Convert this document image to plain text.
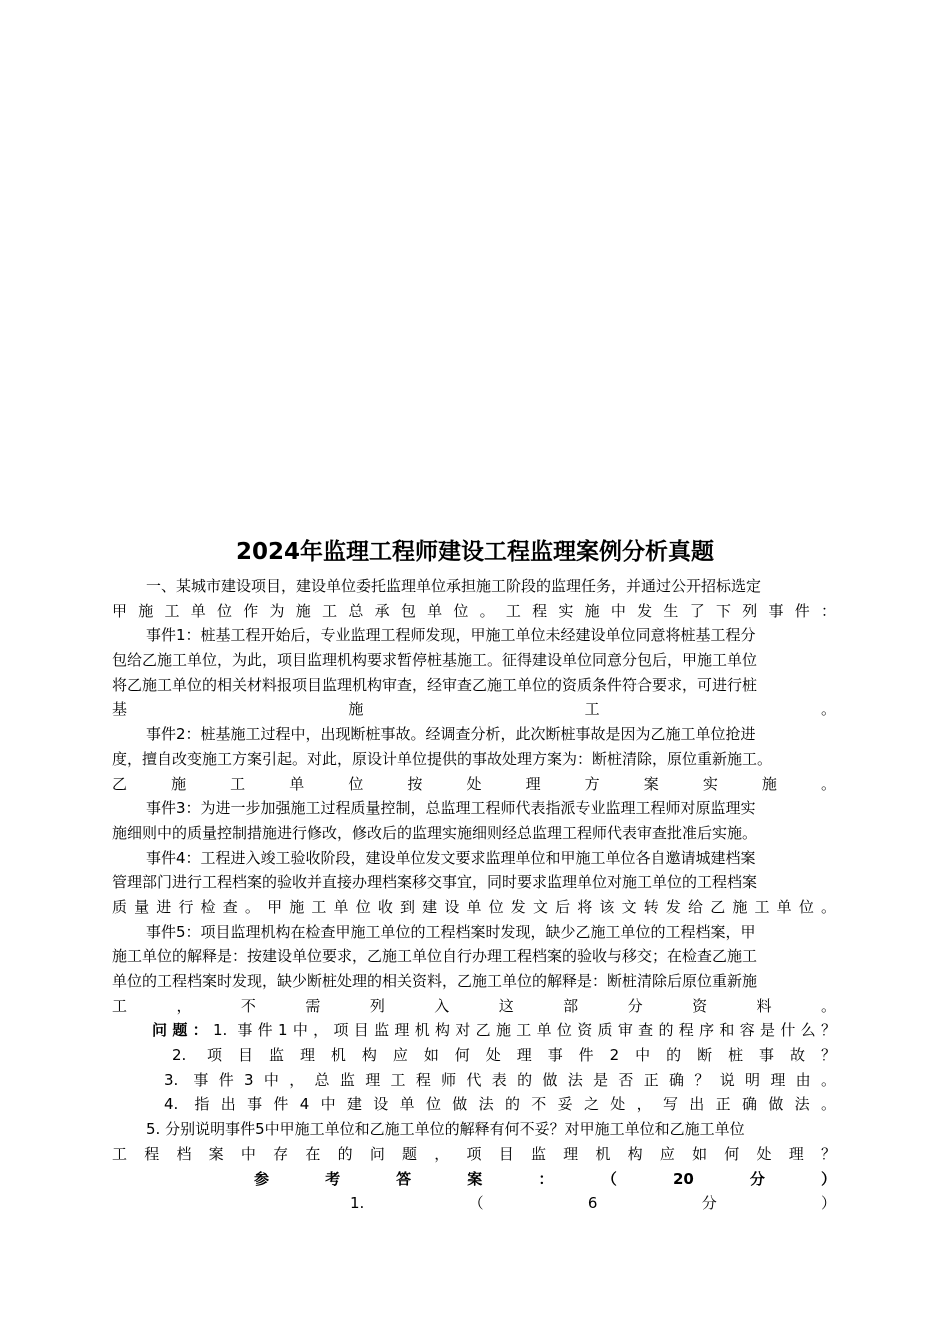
2024年监理工程师建设工程监理案例分析真题
一、某城市建设项目，建设单位委托监理单位承担施工阶段的监理任务，并通过公开招标选定
甲施工单位作为施工总承包单位。工程实施中发生了下列事件：
事件1：桩基工程开始后，专业监理工程师发现，甲施工单位未经建设单位同意将桩基工程分
包给乙施工单位，为此，项目监理机构要求暂停桩基施工。征得建设单位同意分包后，甲施工单位
将乙施工单位的相关材料报项目监理机构审查，经审查乙施工单位的资质条件符合要求，可进行桩
基施工。
事件2：桩基施工过程中，出现断桩事故。经调查分析，此次断桩事故是因为乙施工单位抢进
度，擅自改变施工方案引起。对此，原设计单位提供的事故处理方案为：断桩清除，原位重新施工。
乙施工单位按处理方案实施。
事件3：为进一步加强施工过程质量控制，总监理工程师代表指派专业监理工程师对原监理实
施细则中的质量控制措施进行修改，修改后的监理实施细则经总监理工程师代表审查批准后实施。
事件4：工程进入竣工验收阶段，建设单位发文要求监理单位和甲施工单位各自邀请城建档案
管理部门进行工程档案的验收并直接办理档案移交事宜，同时要求监理单位对施工单位的工程档案
质量进行检查。甲施工单位收到建设单位发文后将该文转发给乙施工单位。
事件5：项目监理机构在检查甲施工单位的工程档案时发现，缺少乙施工单位的工程档案，甲
施工单位的解释是：按建设单位要求，乙施工单位自行办理工程档案的验收与移交；在检查乙施工
单位的工程档案时发现，缺少断桩处理的相关资料，乙施工单位的解释是：断桩清除后原位重新施
工，不需列入这部分资料。
问题：1. 事件1中，项目监理机构对乙施工单位资质审查的程序和容是什么？
2. 项目监理机构应如何处理事件2中的断桩事故？
3. 事件3中，总监理工程师代表的做法是否正确？说明理由。
4. 指出事件4中建设单位做法的不妥之处，写出正确做法。
5. 分别说明事件5中甲施工单位和乙施工单位的解释有何不妥？对甲施工单位和乙施工单位
工程档案中存在的问题，项目监理机构应如何处理？
参考答案：（20分）
1.（6分）
